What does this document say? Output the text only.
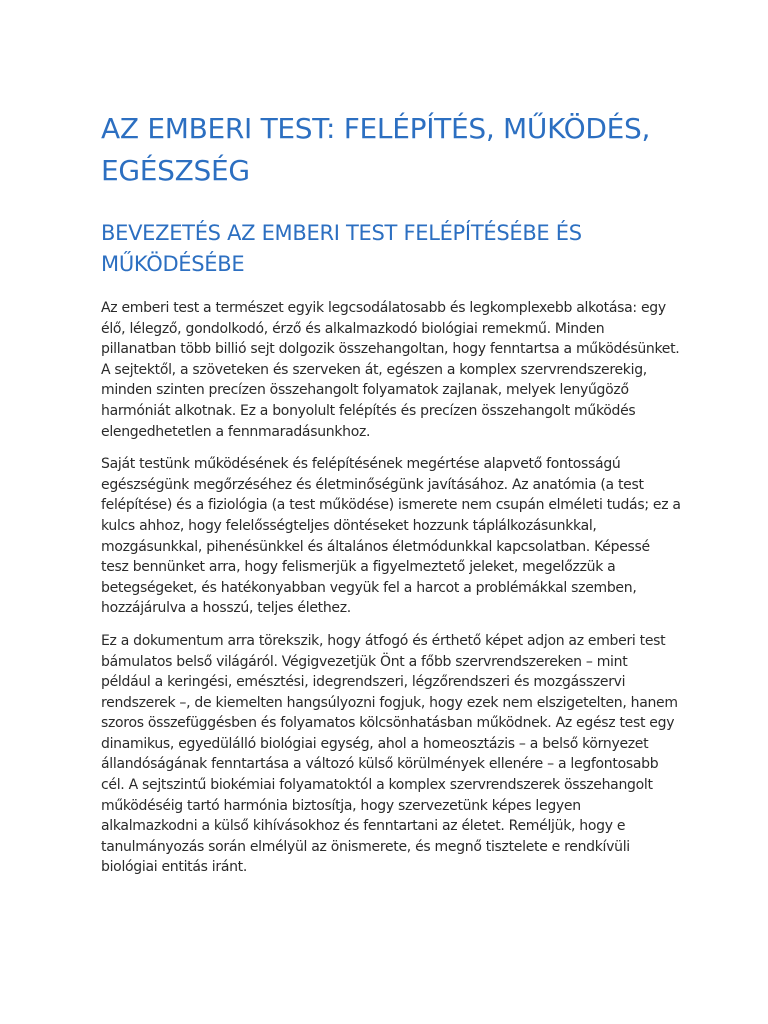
AZ EMBERI TEST: FELÉPÍTÉS, MŰKÖDÉS, EGÉSZSÉG
BEVEZETÉS AZ EMBERI TEST FELÉPÍTÉSÉBE ÉS MŰKÖDÉSÉBE

Az emberi test a természet egyik legcsodálatosabb és legkomplexebb alkotása: egy élő, lélegző, gondolkodó, érző és alkalmazkodó biológiai remekmű. Minden pillanatban több billió sejt dolgozik összehangoltan, hogy fenntartsa a működésünket. A sejtektől, a szöveteken és szerveken át, egészen a komplex szervrendszerekig, minden szinten precízen összehangolt folyamatok zajlanak, melyek lenyűgöző harmóniát alkotnak. Ez a bonyolult felépítés és precízen összehangolt működés elengedhetetlen a fennmaradásunkhoz.

Saját testünk működésének és felépítésének megértése alapvető fontosságú egészségünk megőrzéséhez és életminőségünk javításához. Az anatómia (a test felépítése) és a fiziológia (a test működése) ismerete nem csupán elméleti tudás; ez a kulcs ahhoz, hogy felelősségteljes döntéseket hozzunk táplálkozásunkkal, mozgásunkkal, pihenésünkkel és általános életmódunkkal kapcsolatban. Képessé tesz bennünket arra, hogy felismerjük a figyelmeztető jeleket, megelőzzük a betegségeket, és hatékonyabban vegyük fel a harcot a problémákkal szemben, hozzájárulva a hosszú, teljes élethez.

Ez a dokumentum arra törekszik, hogy átfogó és érthető képet adjon az emberi test bámulatos belső világáról. Végigvezetjük Önt a főbb szervrendszereken – mint például a keringési, emésztési, idegrendszeri, légzőrendszeri és mozgásszervi rendszerek –, de kiemelten hangsúlyozni fogjuk, hogy ezek nem elszigetelten, hanem szoros összefüggésben és folyamatos kölcsönhatásban működnek. Az egész test egy dinamikus, egyedülálló biológiai egység, ahol a homeosztázis – a belső környezet állandóságának fenntartása a változó külső körülmények ellenére – a legfontosabb cél. A sejtszintű biokémiai folyamatoktól a komplex szervrendszerek összehangolt működéséig tartó harmónia biztosítja, hogy szervezetünk képes legyen alkalmazkodni a külső kihívásokhoz és fenntartani az életet. Reméljük, hogy e tanulmányozás során elmélyül az önismerete, és megnő tisztelete e rendkívüli biológiai entitás iránt.
